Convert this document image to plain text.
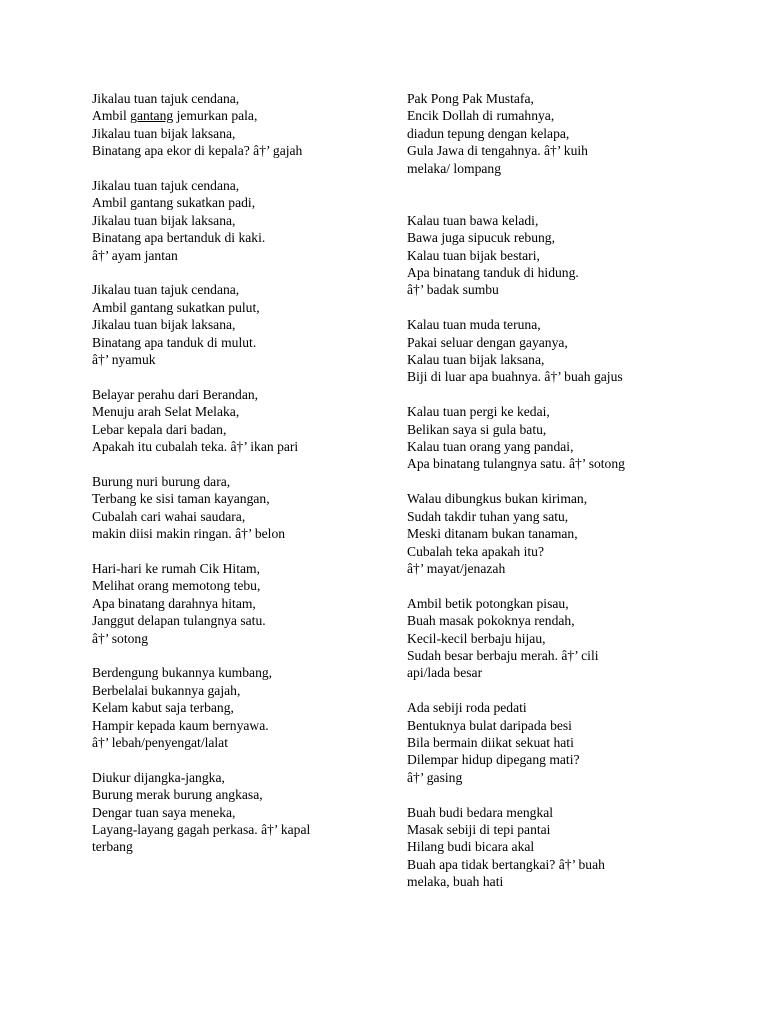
Jikalau tuan tajuk cendana,
Ambil gantang jemurkan pala,
Jikalau tuan bijak laksana,
Binatang apa ekor di kepala? â†’ gajah
Jikalau tuan tajuk cendana,
Ambil gantang sukatkan padi,
Jikalau tuan bijak laksana,
Binatang apa bertanduk di kaki.
â†’ ayam jantan
Jikalau tuan tajuk cendana,
Ambil gantang sukatkan pulut,
Jikalau tuan bijak laksana,
Binatang apa tanduk di mulut.
â†’ nyamuk
Belayar perahu dari Berandan,
Menuju arah Selat Melaka,
Lebar kepala dari badan,
Apakah itu cubalah teka. â†’ ikan pari
Burung nuri burung dara,
Terbang ke sisi taman kayangan,
Cubalah cari wahai saudara,
makin diisi makin ringan. â†’ belon
Hari-hari ke rumah Cik Hitam,
Melihat orang memotong tebu,
Apa binatang darahnya hitam,
Janggut delapan tulangnya satu.
â†’ sotong
Berdengung bukannya kumbang,
Berbelalai bukannya gajah,
Kelam kabut saja terbang,
Hampir kepada kaum bernyawa.
â†’ lebah/penyengat/lalat
Diukur dijangka-jangka,
Burung merak burung angkasa,
Dengar tuan saya meneka,
Layang-layang gagah perkasa. â†’ kapal
terbang
Pak Pong Pak Mustafa,
Encik Dollah di rumahnya,
diadun tepung dengan kelapa,
Gula Jawa di tengahnya. â†’ kuih
melaka/ lompang
Kalau tuan bawa keladi,
Bawa juga sipucuk rebung,
Kalau tuan bijak bestari,
Apa binatang tanduk di hidung.
â†’ badak sumbu
Kalau tuan muda teruna,
Pakai seluar dengan gayanya,
Kalau tuan bijak laksana,
Biji di luar apa buahnya. â†’ buah gajus
Kalau tuan pergi ke kedai,
Belikan saya si gula batu,
Kalau tuan orang yang pandai,
Apa binatang tulangnya satu. â†’ sotong
Walau dibungkus bukan kiriman,
Sudah takdir tuhan yang satu,
Meski ditanam bukan tanaman,
Cubalah teka apakah itu?
â†’ mayat/jenazah
Ambil betik potongkan pisau,
Buah masak pokoknya rendah,
Kecil-kecil berbaju hijau,
Sudah besar berbaju merah. â†’ cili
api/lada besar
Ada sebiji roda pedati
Bentuknya bulat daripada besi
Bila bermain diikat sekuat hati
Dilempar hidup dipegang mati?
â†’ gasing
Buah budi bedara mengkal
Masak sebiji di tepi pantai
Hilang budi bicara akal
Buah apa tidak bertangkai? â†’ buah
melaka, buah hati
